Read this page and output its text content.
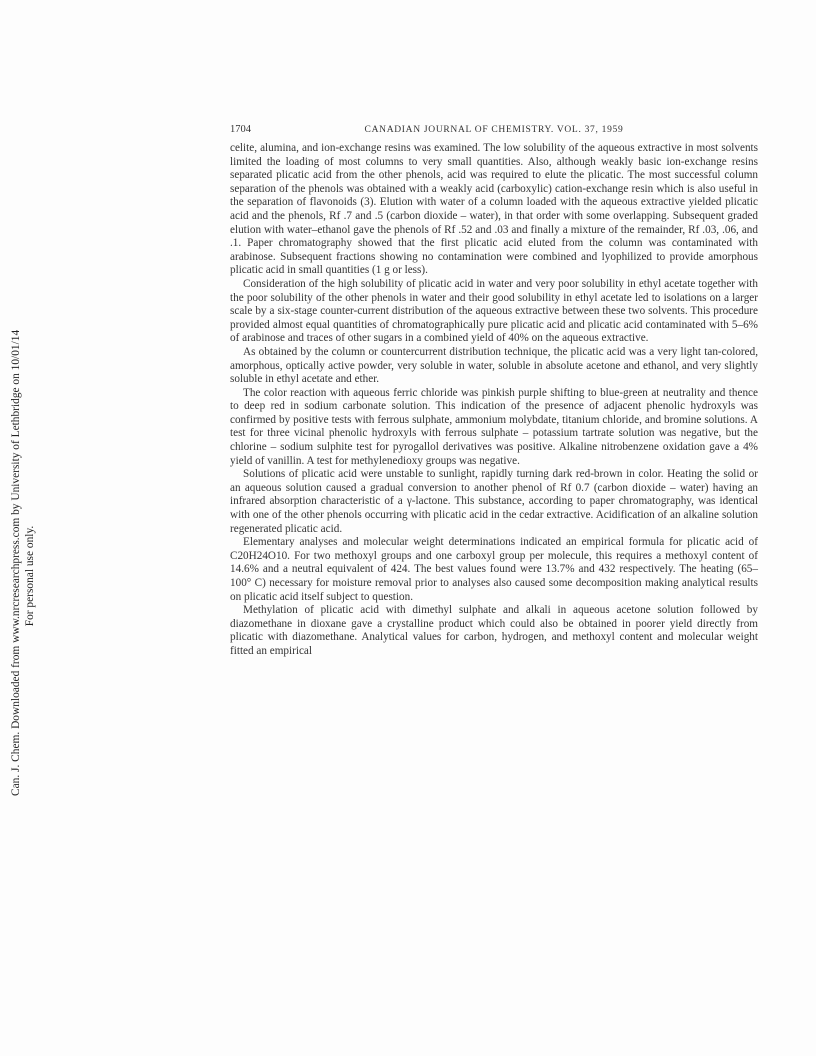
Can. J. Chem. Downloaded from www.nrcresearchpress.com by University of Lethbridge on 10/01/14 For personal use only.
1704	CANADIAN JOURNAL OF CHEMISTRY. VOL. 37, 1959

celite, alumina, and ion-exchange resins was examined. The low solubility of the aqueous extractive in most solvents limited the loading of most columns to very small quantities. Also, although weakly basic ion-exchange resins separated plicatic acid from the other phenols, acid was required to elute the plicatic. The most successful column separation of the phenols was obtained with a weakly acid (carboxylic) cation-exchange resin which is also useful in the separation of flavonoids (3). Elution with water of a column loaded with the aqueous extractive yielded plicatic acid and the phenols, Rf .7 and .5 (carbon dioxide – water), in that order with some overlapping. Subsequent graded elution with water–ethanol gave the phenols of Rf .52 and .03 and finally a mixture of the remainder, Rf .03, .06, and .1. Paper chromatography showed that the first plicatic acid eluted from the column was contaminated with arabinose. Subsequent fractions showing no contamination were combined and lyophilized to provide amorphous plicatic acid in small quantities (1 g or less).

Consideration of the high solubility of plicatic acid in water and very poor solubility in ethyl acetate together with the poor solubility of the other phenols in water and their good solubility in ethyl acetate led to isolations on a larger scale by a six-stage counter-current distribution of the aqueous extractive between these two solvents. This procedure provided almost equal quantities of chromatographically pure plicatic acid and plicatic acid contaminated with 5–6% of arabinose and traces of other sugars in a combined yield of 40% on the aqueous extractive.

As obtained by the column or countercurrent distribution technique, the plicatic acid was a very light tan-colored, amorphous, optically active powder, very soluble in water, soluble in absolute acetone and ethanol, and very slightly soluble in ethyl acetate and ether.

The color reaction with aqueous ferric chloride was pinkish purple shifting to blue-green at neutrality and thence to deep red in sodium carbonate solution. This indication of the presence of adjacent phenolic hydroxyls was confirmed by positive tests with ferrous sulphate, ammonium molybdate, titanium chloride, and bromine solutions. A test for three vicinal phenolic hydroxyls with ferrous sulphate – potassium tartrate solution was negative, but the chlorine – sodium sulphite test for pyrogallol derivatives was positive. Alkaline nitrobenzene oxidation gave a 4% yield of vanillin. A test for methylenedioxy groups was negative.

Solutions of plicatic acid were unstable to sunlight, rapidly turning dark red-brown in color. Heating the solid or an aqueous solution caused a gradual conversion to another phenol of Rf 0.7 (carbon dioxide – water) having an infrared absorption characteristic of a γ-lactone. This substance, according to paper chromatography, was identical with one of the other phenols occurring with plicatic acid in the cedar extractive. Acidification of an alkaline solution regenerated plicatic acid.

Elementary analyses and molecular weight determinations indicated an empirical formula for plicatic acid of C20H24O10. For two methoxyl groups and one carboxyl group per molecule, this requires a methoxyl content of 14.6% and a neutral equivalent of 424. The best values found were 13.7% and 432 respectively. The heating (65–100° C) necessary for moisture removal prior to analyses also caused some decomposition making analytical results on plicatic acid itself subject to question.

Methylation of plicatic acid with dimethyl sulphate and alkali in aqueous acetone solution followed by diazomethane in dioxane gave a crystalline product which could also be obtained in poorer yield directly from plicatic with diazomethane. Analytical values for carbon, hydrogen, and methoxyl content and molecular weight fitted an empirical
